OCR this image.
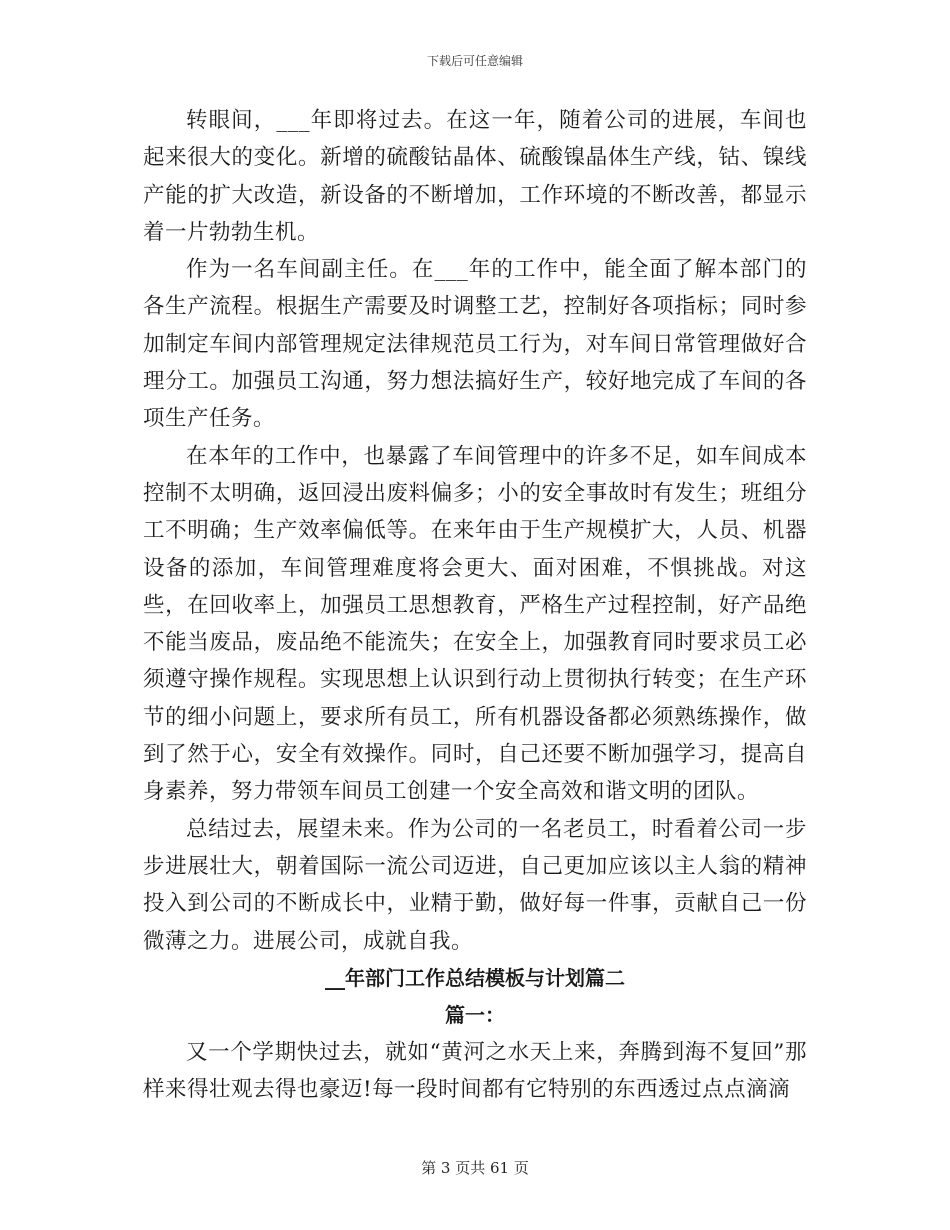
下载后可任意编辑

转眼间，___年即将过去。在这一年，随着公司的进展，车间也起来很大的变化。新增的硫酸钴晶体、硫酸镍晶体生产线，钴、镍线产能的扩大改造，新设备的不断增加，工作环境的不断改善，都显示着一片勃勃生机。

作为一名车间副主任。在___年的工作中，能全面了解本部门的各生产流程。根据生产需要及时调整工艺，控制好各项指标；同时参加制定车间内部管理规定法律规范员工行为，对车间日常管理做好合理分工。加强员工沟通，努力想法搞好生产，较好地完成了车间的各项生产任务。

在本年的工作中，也暴露了车间管理中的许多不足，如车间成本控制不太明确，返回浸出废料偏多；小的安全事故时有发生；班组分工不明确；生产效率偏低等。在来年由于生产规模扩大，人员、机器设备的添加，车间管理难度将会更大、面对困难，不惧挑战。对这些，在回收率上，加强员工思想教育，严格生产过程控制，好产品绝不能当废品，废品绝不能流失；在安全上，加强教育同时要求员工必须遵守操作规程。实现思想上认识到行动上贯彻执行转变；在生产环节的细小问题上，要求所有员工，所有机器设备都必须熟练操作，做到了然于心，安全有效操作。同时，自己还要不断加强学习，提高自身素养，努力带领车间员工创建一个安全高效和谐文明的团队。

总结过去，展望未来。作为公司的一名老员工，时看着公司一步步进展壮大，朝着国际一流公司迈进，自己更加应该以主人翁的精神投入到公司的不断成长中，业精于勤，做好每一件事，贡献自己一份微薄之力。进展公司，成就自我。

__年部门工作总结模板与计划篇二

篇一：

又一个学期快过去，就如“黄河之水天上来，奔腾到海不复回”那样来得壮观去得也豪迈!每一段时间都有它特别的东西透过点点滴滴

第 3 页共 61 页
